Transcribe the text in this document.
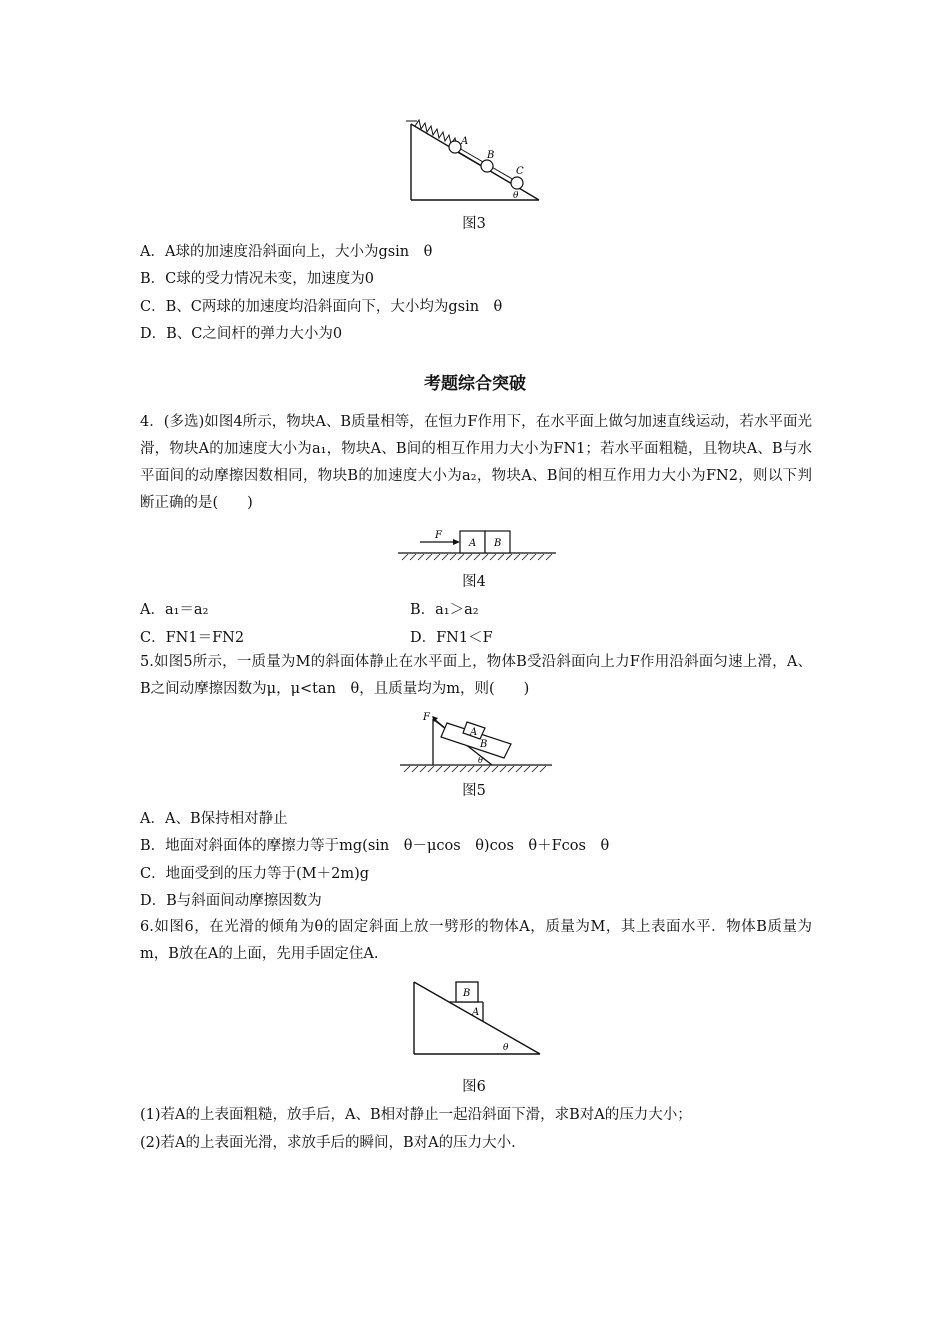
A
B
C
θ
图3
A．A球的加速度沿斜面向上，大小为gsin　θ
B．C球的受力情况未变，加速度为0
C．B、C两球的加速度均沿斜面向下，大小均为gsin　θ
D．B、C之间杆的弹力大小为0
考题综合突破
4．(多选)如图4所示，物块A、B质量相等，在恒力F作用下，在水平面上做匀加速直线运动，若水平面光滑，物块A的加速度大小为a₁，物块A、B间的相互作用力大小为FN1；若水平面粗糙，且物块A、B与水平面间的动摩擦因数相同，物块B的加速度大小为a₂，物块A、B间的相互作用力大小为FN2，则以下判断正确的是(　　)
F
A B
图4
A．a₁＝a₂	B．a₁＞a₂
C．FN1＝FN2	D．FN1＜F
5.如图5所示，一质量为M的斜面体静止在水平面上，物体B受沿斜面向上力F作用沿斜面匀速上滑，A、B之间动摩擦因数为μ，μ<tan　θ，且质量均为m，则(　　)
F
A
B
θ
图5
A．A、B保持相对静止
B．地面对斜面体的摩擦力等于mg(sin　θ－μcos　θ)cos　θ＋Fcos　θ
C．地面受到的压力等于(M＋2m)g
D．B与斜面间动摩擦因数为
6.如图6，在光滑的倾角为θ的固定斜面上放一劈形的物体A，质量为M，其上表面水平．物体B质量为m，B放在A的上面，先用手固定住A.
B
A
θ
图6
(1)若A的上表面粗糙，放手后，A、B相对静止一起沿斜面下滑，求B对A的压力大小；
(2)若A的上表面光滑，求放手后的瞬间，B对A的压力大小.
